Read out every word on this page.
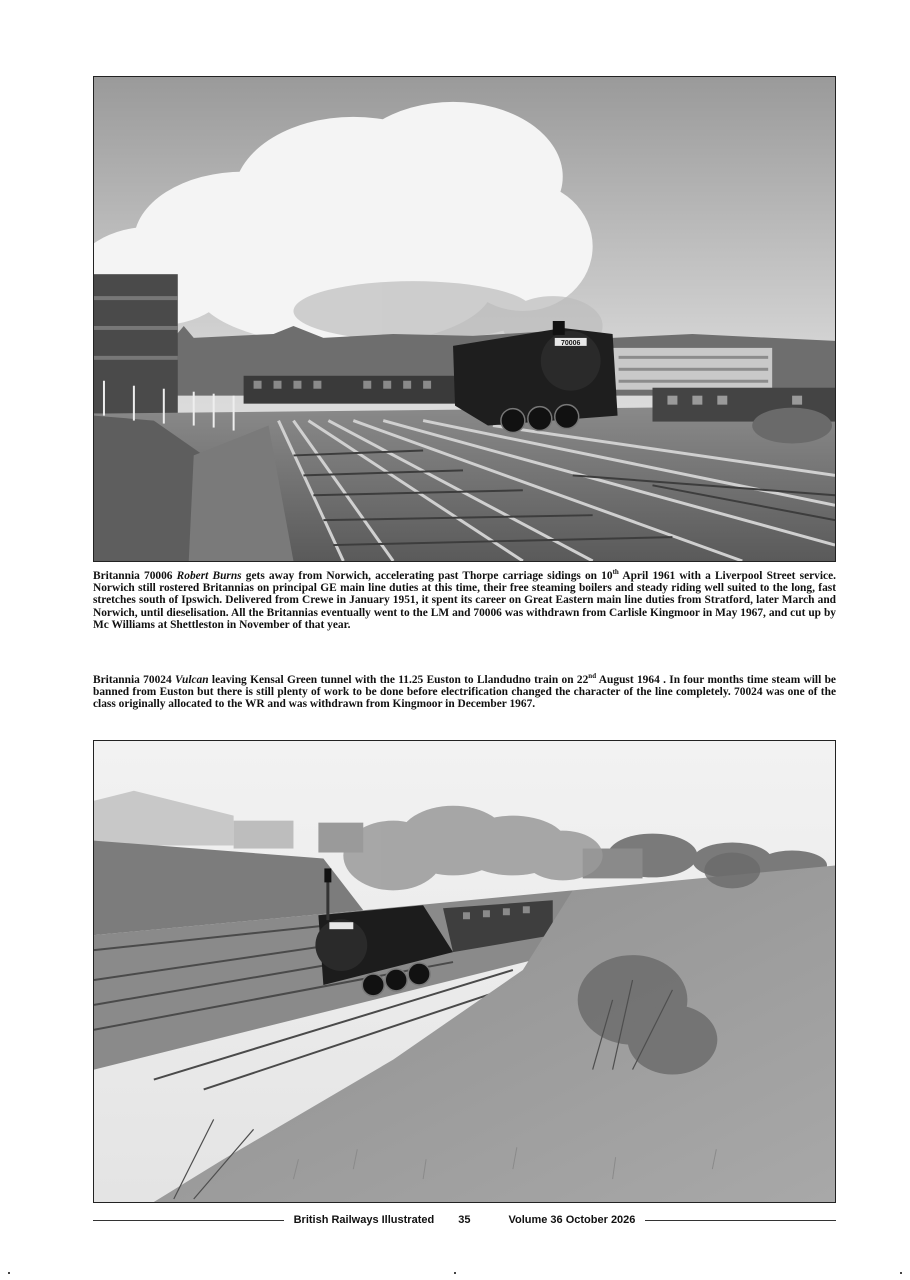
70006

Britannia 70006 Robert Burns gets away from Norwich, accelerating past Thorpe carriage sidings on 10th April 1961 with a Liverpool Street service. Norwich still rostered Britannias on principal GE main line duties at this time, their free steaming boilers and steady riding well suited to the long, fast stretches south of Ipswich. Delivered from Crewe in January 1951, it spent its career on Great Eastern main line duties from Stratford, later March and Norwich, until dieselisation. All the Britannias eventually went to the LM and 70006 was withdrawn from Carlisle Kingmoor in May 1967, and cut up by Mc Williams at Shettleston in November of that year.

Britannia 70024 Vulcan leaving Kensal Green tunnel with the 11.25 Euston to Llandudno train on 22nd August 1964 . In four months time steam will be banned from Euston but there is still plenty of work to be done before electrification changed the character of the line completely. 70024 was one of the class originally allocated to the WR and was withdrawn from Kingmoor in December 1967.

British Railways Illustrated 35	Volume 36 October 2026
